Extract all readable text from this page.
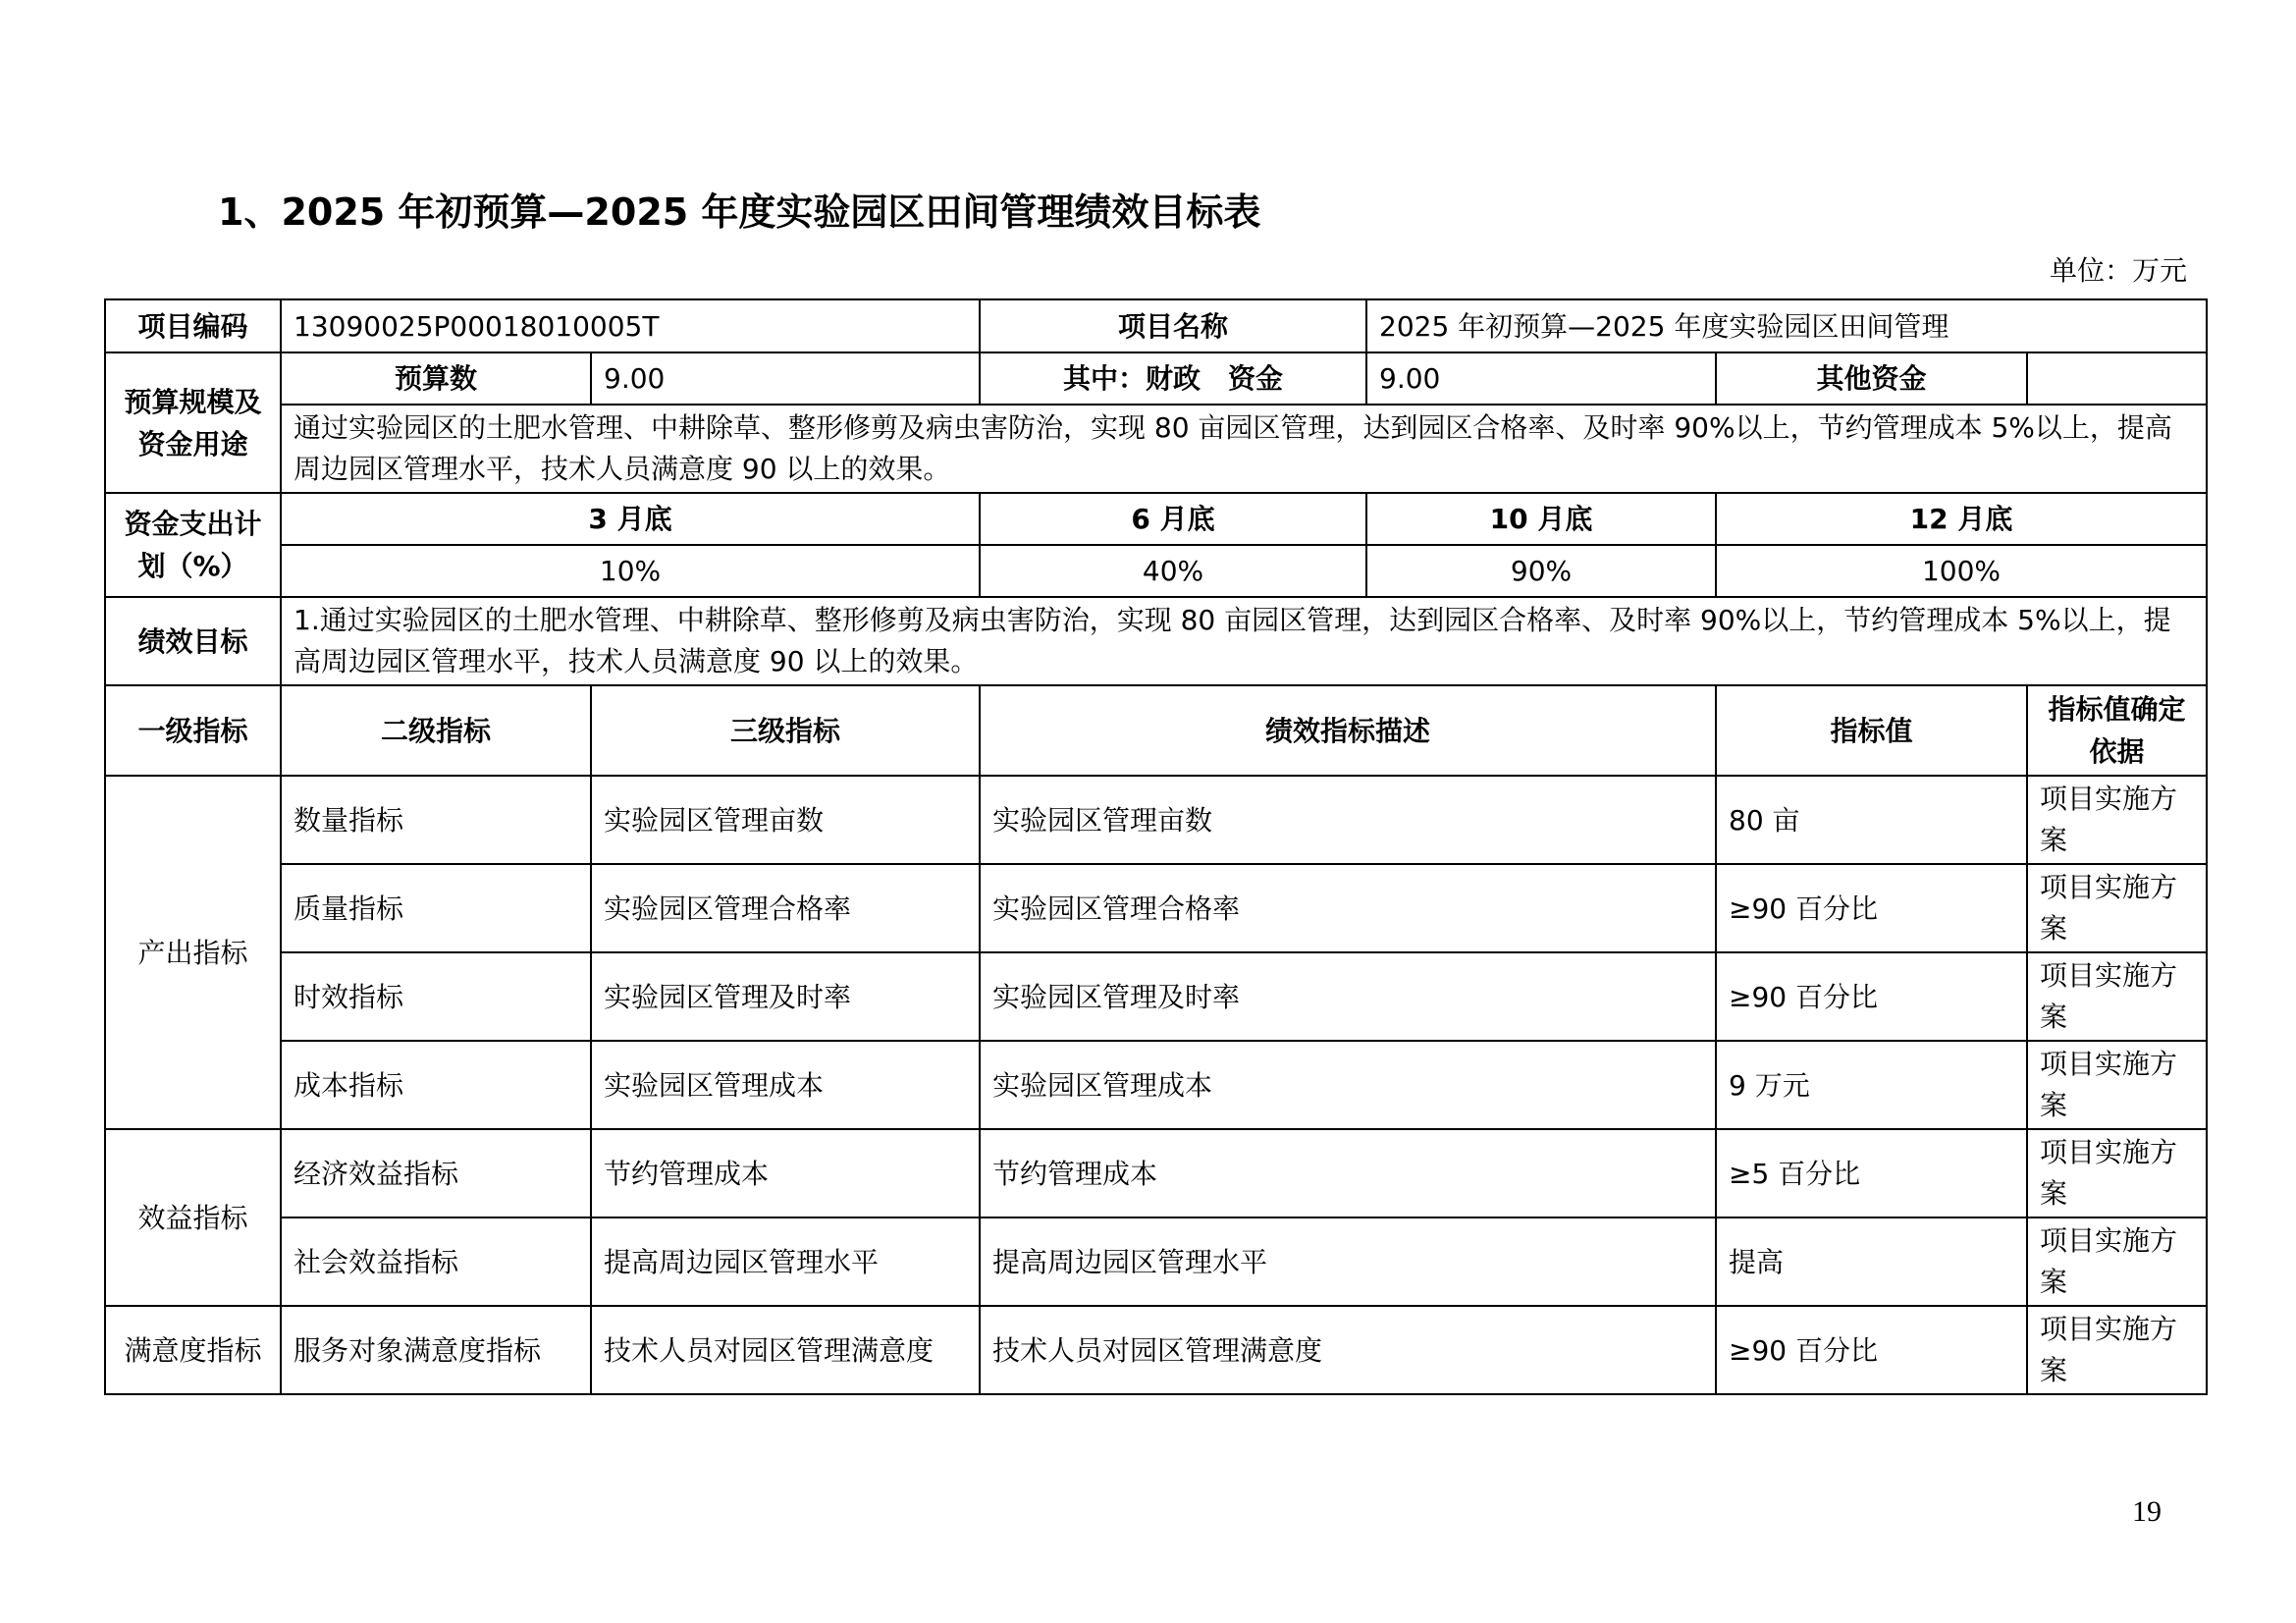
1、2025 年初预算—2025 年度实验园区田间管理绩效目标表
单位：万元
项目编码	13090025P00018010005T		项目名称	2025 年初预算—2025 年度实验园区田间管理		
预算规模及资金用途	预算数	9.00	其中：财政　资金	9.00	其他资金	
	通过实验园区的土肥水管理、中耕除草、整形修剪及病虫害防治，实现 80 亩园区管理，达到园区合格率、及时率 90%以上，节约管理成本 5%以上，提高周边园区管理水平，技术人员满意度 90 以上的效果。					
资金支出计划（%）	3 月底		6 月底	10 月底	12 月底	
	10%		40%	90%	100%	
绩效目标	1.通过实验园区的土肥水管理、中耕除草、整形修剪及病虫害防治，实现 80 亩园区管理，达到园区合格率、及时率 90%以上，节约管理成本 5%以上，提高周边园区管理水平，技术人员满意度 90 以上的效果。					
一级指标	二级指标	三级指标	绩效指标描述		指标值	指标值确定依据
产出指标	数量指标	实验园区管理亩数	实验园区管理亩数		80 亩	项目实施方案
	质量指标	实验园区管理合格率	实验园区管理合格率		≥90 百分比	项目实施方案
	时效指标	实验园区管理及时率	实验园区管理及时率		≥90 百分比	项目实施方案
	成本指标	实验园区管理成本	实验园区管理成本		9 万元	项目实施方案
效益指标	经济效益指标	节约管理成本	节约管理成本		≥5 百分比	项目实施方案
	社会效益指标	提高周边园区管理水平	提高周边园区管理水平		提高	项目实施方案
满意度指标	服务对象满意度指标	技术人员对园区管理满意度	技术人员对园区管理满意度		≥90 百分比	项目实施方案
19
